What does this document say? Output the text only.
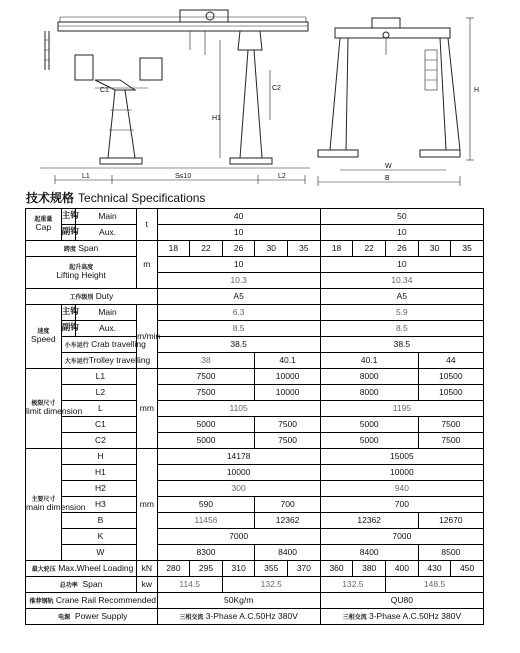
C1	C2
H1
L1	S≤10	L2
H
W
B
技术规格 Technical Specifications
起重量
Cap	主钩	Main	t	40					50				
	副钩	Aux.		10					10				
跨度 Span			m	18	22	26	30	35	18	22	26	30	35

起升高度
Lifting Height				10					10				
				10.3					10.34				
工作级别 Duty				A5					A5				

速度
Speed	主钩	Main	m/min	6.3					5.9				
	副钩	Aux.		8.5					8.5				
	小车运行 Crab travelling			38.5					38.5				
	大车运行Trolley travelling			38			40.1		40.1			44	

极限尺寸
limit dimension	L1		mm	7500			10000		8000			10500	
	L2			7500			10000		8000			10500	
	L			1105					1195				
	C1			5000			7500		5000			7500	
	C2			5000			7500		5000			7500	

主要尺寸
main dimension	H		mm	14178					15005				
	H1			10000					10000				
	H2			300					940				
	H3			590			700		700				
	B			11456			12362		12362			12670	
	K			7000					7000				
	W			8300			8400		8400			8500	
最大轮压 Max.Wheel Loading			kN	280	295	310	355	370	360	380	400	430	450
总功率 Span			kw	114.5		132.5			132.5		148.5		
推荐钢轨 Crane Rail Recommended				50Kg/m					QU80				
电源 Power Supply				三相交流 3-Phase A.C.50Hz 380V					三相交流 3-Phase A.C.50Hz 380V				
